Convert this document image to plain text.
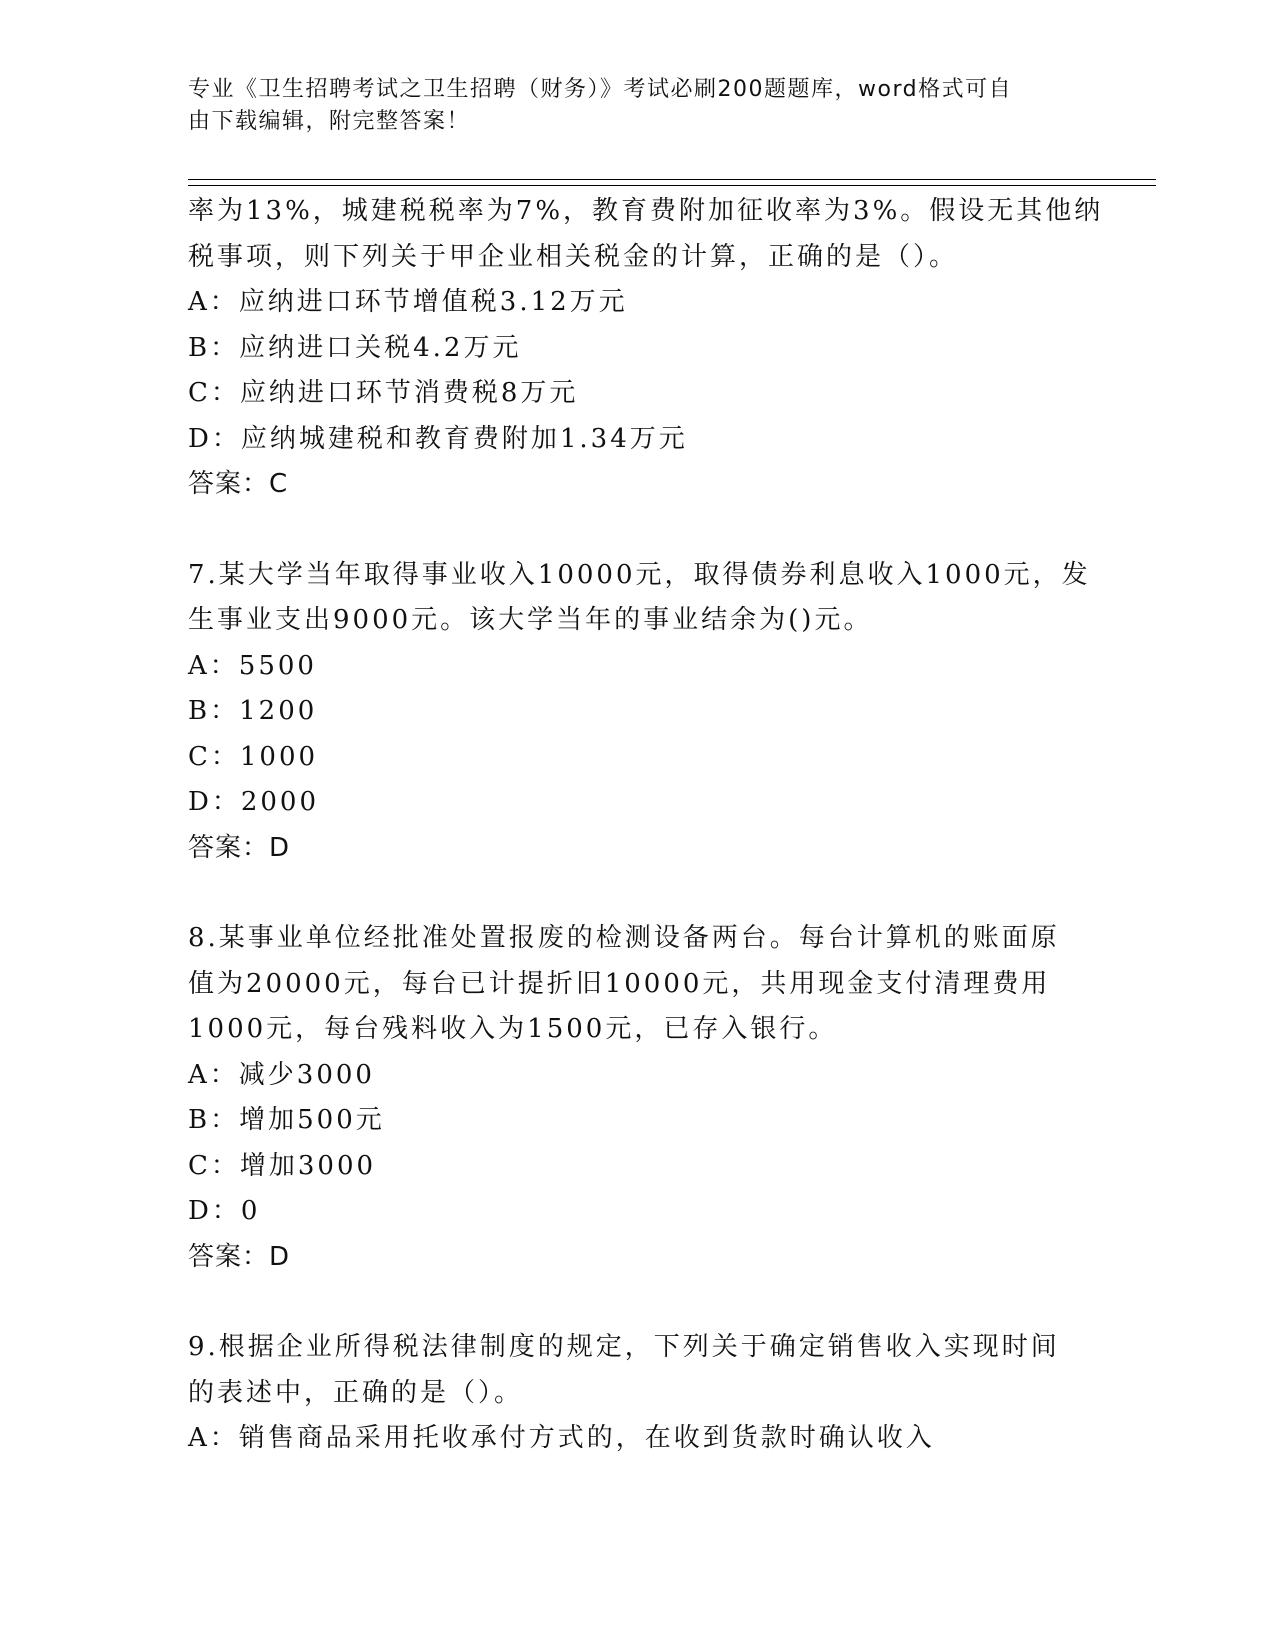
专业《卫生招聘考试之卫生招聘（财务）》考试必刷200题题库，word格式可自
由下载编辑，附完整答案！
率为13%，城建税税率为7%，教育费附加征收率为3%。假设无其他纳
税事项，则下列关于甲企业相关税金的计算，正确的是（）。
A：应纳进口环节增值税3.12万元
B：应纳进口关税4.2万元
C：应纳进口环节消费税8万元
D：应纳城建税和教育费附加1.34万元
答案：C
7.某大学当年取得事业收入10000元，取得债券利息收入1000元，发
生事业支出9000元。该大学当年的事业结余为()元。
A：5500
B：1200
C：1000
D：2000
答案：D
8.某事业单位经批准处置报废的检测设备两台。每台计算机的账面原
值为20000元，每台已计提折旧10000元，共用现金支付清理费用
1000元，每台残料收入为1500元，已存入银行。
A：减少3000
B：增加500元
C：增加3000
D：0
答案：D
9.根据企业所得税法律制度的规定，下列关于确定销售收入实现时间
的表述中，正确的是（）。
A：销售商品采用托收承付方式的，在收到货款时确认收入
